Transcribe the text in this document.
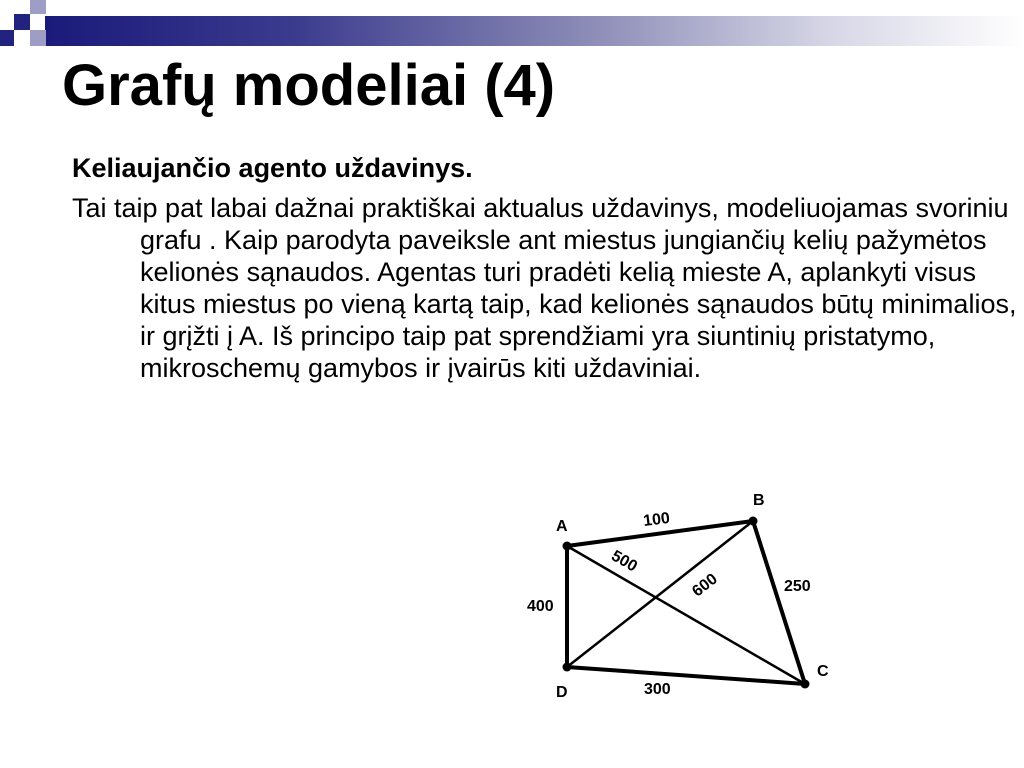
Grafų modeliai (4)

Keliaujančio agento uždavinys.

Tai taip pat labai dažnai praktiškai aktualus uždavinys, modeliuojamas svoriniu grafu . Kaip parodyta paveiksle ant miestus jungiančių kelių pažymėtos kelionės sąnaudos. Agentas turi pradėti kelią mieste A, aplankyti visus kitus miestus po vieną kartą taip, kad kelionės sąnaudos būtų minimalios, ir grįžti į A. Iš principo taip pat sprendžiami yra siuntinių pristatymo, mikroschemų gamybos ir įvairūs kiti uždaviniai.

A
B
C
D
100
500
600	250
400
300
